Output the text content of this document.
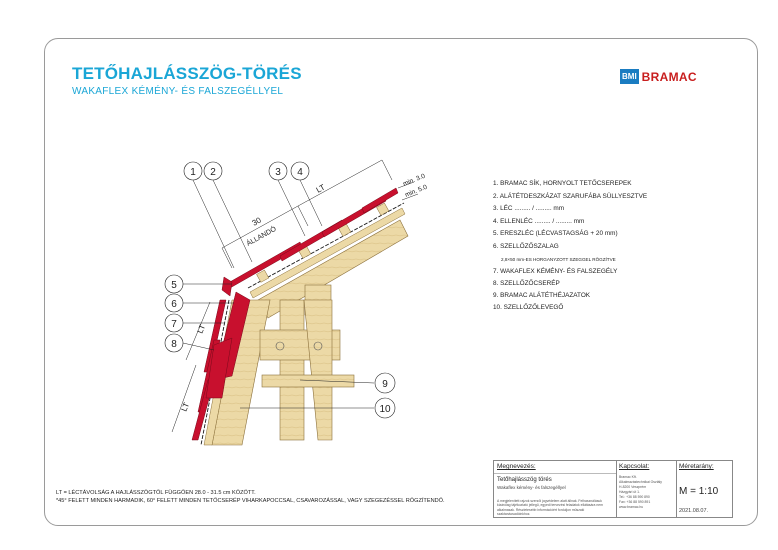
TETŐHAJLÁSSZÖG-TÖRÉS
WAKAFLEX KÉMÉNY- ÉS FALSZEGÉLLYEL
BMI BRAMAC
30
ÁLLANDÓ
LT
min. 3.0
min. 5.0
LT
LT
1 2	3 4
5
6
7
8
9
10
1. BRAMAC SÍK, HORNYOLT TETŐCSEREPEK
2. ALÁTÉTDESZKÁZAT SZARUFÁBA SÜLLYESZTVE
3. LÉC ......... / ......... mm
4. ELLENLÉC ......... / ......... mm
5. ERESZLÉC (LÉCVASTAGSÁG + 20 mm)
6. SZELLŐZŐSZALAG
2,8×50 mm-ES HORGANYZOTT SZEGGEL RÖGZÍTVE
7. WAKAFLEX KÉMÉNY- ÉS FALSZEGÉLY
8. SZELLŐZŐCSERÉP
9. BRAMAC ALÁTÉTHÉJAZATOK
10. SZELLŐZŐLEVEGŐ
LT = LÉCTÁVOLSÁG A HAJLÁSSZÖGTŐL FÜGGŐEN 28.0 - 31.5 cm KÖZÖTT.
*45° FELETT MINDEN HARMADIK, 60° FELETT MINDEN TETŐCSERÉP VIHARKAPOCCSAL, CSAVAROZÁSSAL, VAGY SZEGEZÉSSEL RÖGZÍTENDŐ.
Megnevezés:
Tetőhajlásszög törés
Wakaflex kémény- és falszegéllyel
A megjelenített rajzok szerzői jogvédelem alatt állnak. Felhasználásuk kizárólag tájékoztató jellegű, egyedi tervezési feladatok ellátására nem alkalmasak. Részletesebb információért forduljon műszaki szaktanácsadóinkhoz.
Kapcsolat:
Bramac Kft.
Alkalmazástechnikai Osztály
H-8200 Veszprém
Házgyári út 1.
Tel.: +36 88 590 890
Fax: +36 88 590 891
www.bramac.hu
Méretarány:
M = 1:10
2021.08.07.
